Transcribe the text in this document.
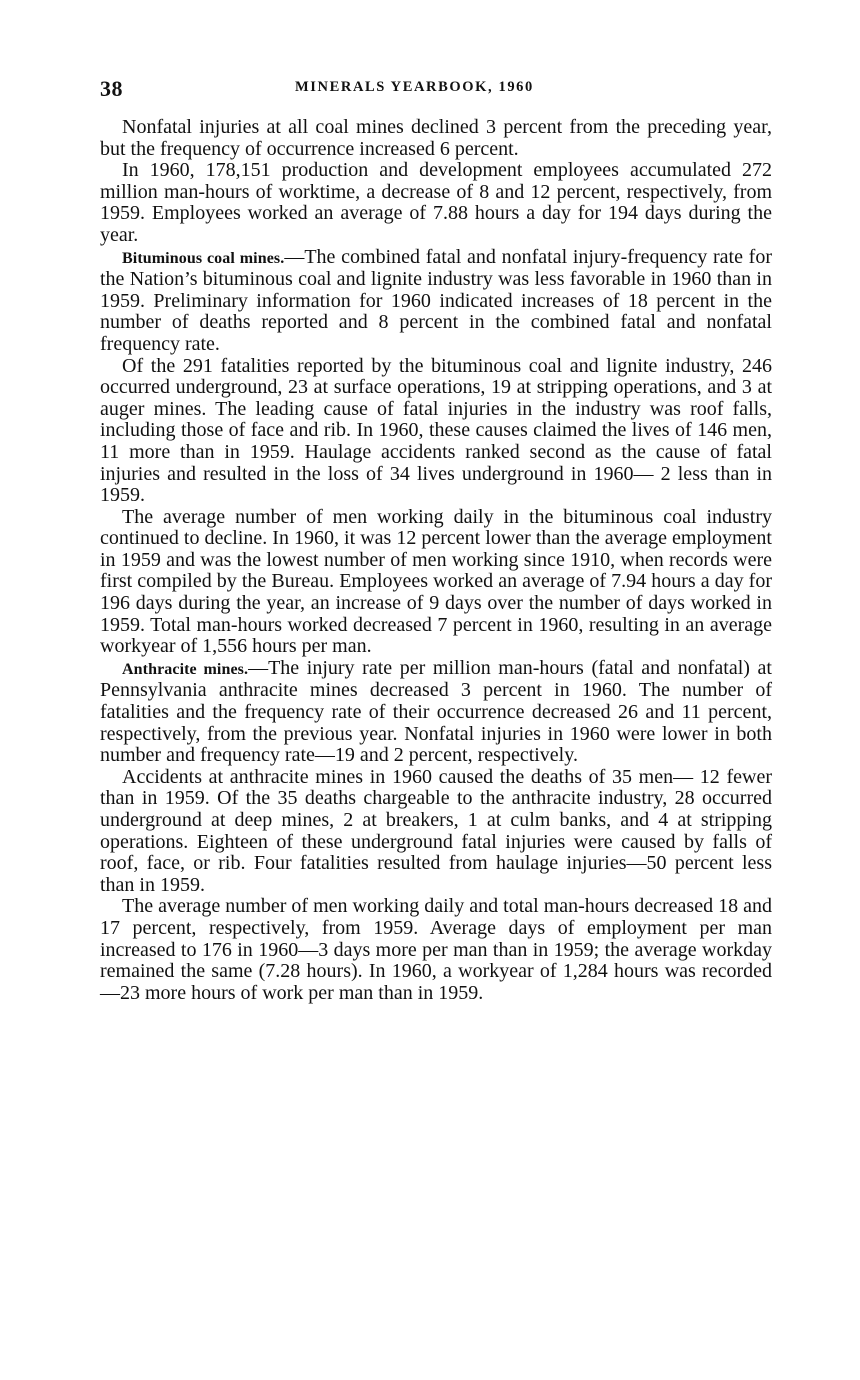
38	MINERALS YEARBOOK, 1960

Nonfatal injuries at all coal mines declined 3 percent from the preceding year, but the frequency of occurrence increased 6 percent.

In 1960, 178,151 production and development employees accumulated 272 million man-hours of worktime, a decrease of 8 and 12 percent, respectively, from 1959. Employees worked an average of 7.88 hours a day for 194 days during the year.

Bituminous coal mines.—The combined fatal and nonfatal injury-frequency rate for the Nation’s bituminous coal and lignite industry was less favorable in 1960 than in 1959. Preliminary information for 1960 indicated increases of 18 percent in the number of deaths reported and 8 percent in the combined fatal and nonfatal frequency rate.

Of the 291 fatalities reported by the bituminous coal and lignite industry, 246 occurred underground, 23 at surface operations, 19 at stripping operations, and 3 at auger mines. The leading cause of fatal injuries in the industry was roof falls, including those of face and rib. In 1960, these causes claimed the lives of 146 men, 11 more than in 1959. Haulage accidents ranked second as the cause of fatal injuries and resulted in the loss of 34 lives underground in 1960— 2 less than in 1959.

The average number of men working daily in the bituminous coal industry continued to decline. In 1960, it was 12 percent lower than the average employment in 1959 and was the lowest number of men working since 1910, when records were first compiled by the Bureau. Employees worked an average of 7.94 hours a day for 196 days during the year, an increase of 9 days over the number of days worked in 1959. Total man-hours worked decreased 7 percent in 1960, resulting in an average workyear of 1,556 hours per man.

Anthracite mines.—The injury rate per million man-hours (fatal and nonfatal) at Pennsylvania anthracite mines decreased 3 percent in 1960. The number of fatalities and the frequency rate of their occurrence decreased 26 and 11 percent, respectively, from the previous year. Nonfatal injuries in 1960 were lower in both number and frequency rate—19 and 2 percent, respectively.

Accidents at anthracite mines in 1960 caused the deaths of 35 men— 12 fewer than in 1959. Of the 35 deaths chargeable to the anthracite industry, 28 occurred underground at deep mines, 2 at breakers, 1 at culm banks, and 4 at stripping operations. Eighteen of these underground fatal injuries were caused by falls of roof, face, or rib. Four fatalities resulted from haulage injuries—50 percent less than in 1959.

The average number of men working daily and total man-hours decreased 18 and 17 percent, respectively, from 1959. Average days of employment per man increased to 176 in 1960—3 days more per man than in 1959; the average workday remained the same (7.28 hours). In 1960, a workyear of 1,284 hours was recorded—23 more hours of work per man than in 1959.
